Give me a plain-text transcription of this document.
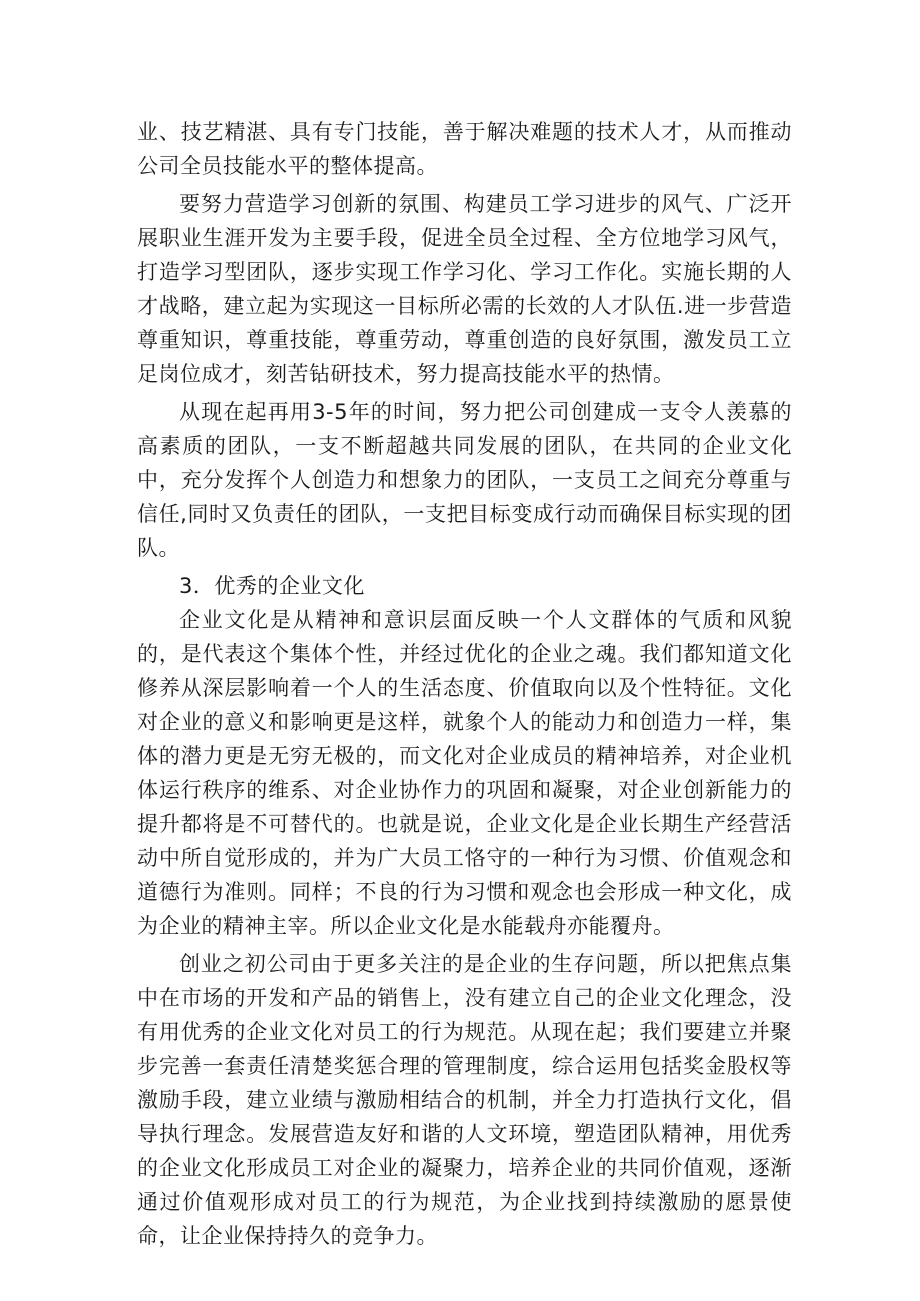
业、技艺精湛、具有专门技能，善于解决难题的技术人才，从而推动公司全员技能水平的整体提高。

要努力营造学习创新的氛围、构建员工学习进步的风气、广泛开展职业生涯开发为主要手段，促进全员全过程、全方位地学习风气，打造学习型团队，逐步实现工作学习化、学习工作化。实施长期的人才战略，建立起为实现这一目标所必需的长效的人才队伍.进一步营造尊重知识，尊重技能，尊重劳动，尊重创造的良好氛围，激发员工立足岗位成才，刻苦钻研技术，努力提高技能水平的热情。

从现在起再用3-5年的时间，努力把公司创建成一支令人羡慕的高素质的团队，一支不断超越共同发展的团队，在共同的企业文化中，充分发挥个人创造力和想象力的团队，一支员工之间充分尊重与信任,同时又负责任的团队，一支把目标变成行动而确保目标实现的团队。

3．优秀的企业文化

企业文化是从精神和意识层面反映一个人文群体的气质和风貌的，是代表这个集体个性，并经过优化的企业之魂。我们都知道文化修养从深层影响着一个人的生活态度、价值取向以及个性特征。文化对企业的意义和影响更是这样，就象个人的能动力和创造力一样，集体的潜力更是无穷无极的，而文化对企业成员的精神培养，对企业机体运行秩序的维系、对企业协作力的巩固和凝聚，对企业创新能力的提升都将是不可替代的。也就是说，企业文化是企业长期生产经营活动中所自觉形成的，并为广大员工恪守的一种行为习惯、价值观念和道德行为准则。同样；不良的行为习惯和观念也会形成一种文化，成为企业的精神主宰。所以企业文化是水能载舟亦能覆舟。

创业之初公司由于更多关注的是企业的生存问题，所以把焦点集中在市场的开发和产品的销售上，没有建立自己的企业文化理念，没有用优秀的企业文化对员工的行为规范。从现在起；我们要建立并聚步完善一套责任清楚奖惩合理的管理制度，综合运用包括奖金股权等激励手段，建立业绩与激励相结合的机制，并全力打造执行文化，倡导执行理念。发展营造友好和谐的人文环境，塑造团队精神，用优秀的企业文化形成员工对企业的凝聚力，培养企业的共同价值观，逐渐通过价值观形成对员工的行为规范，为企业找到持续激励的愿景使命，让企业保持持久的竞争力。
